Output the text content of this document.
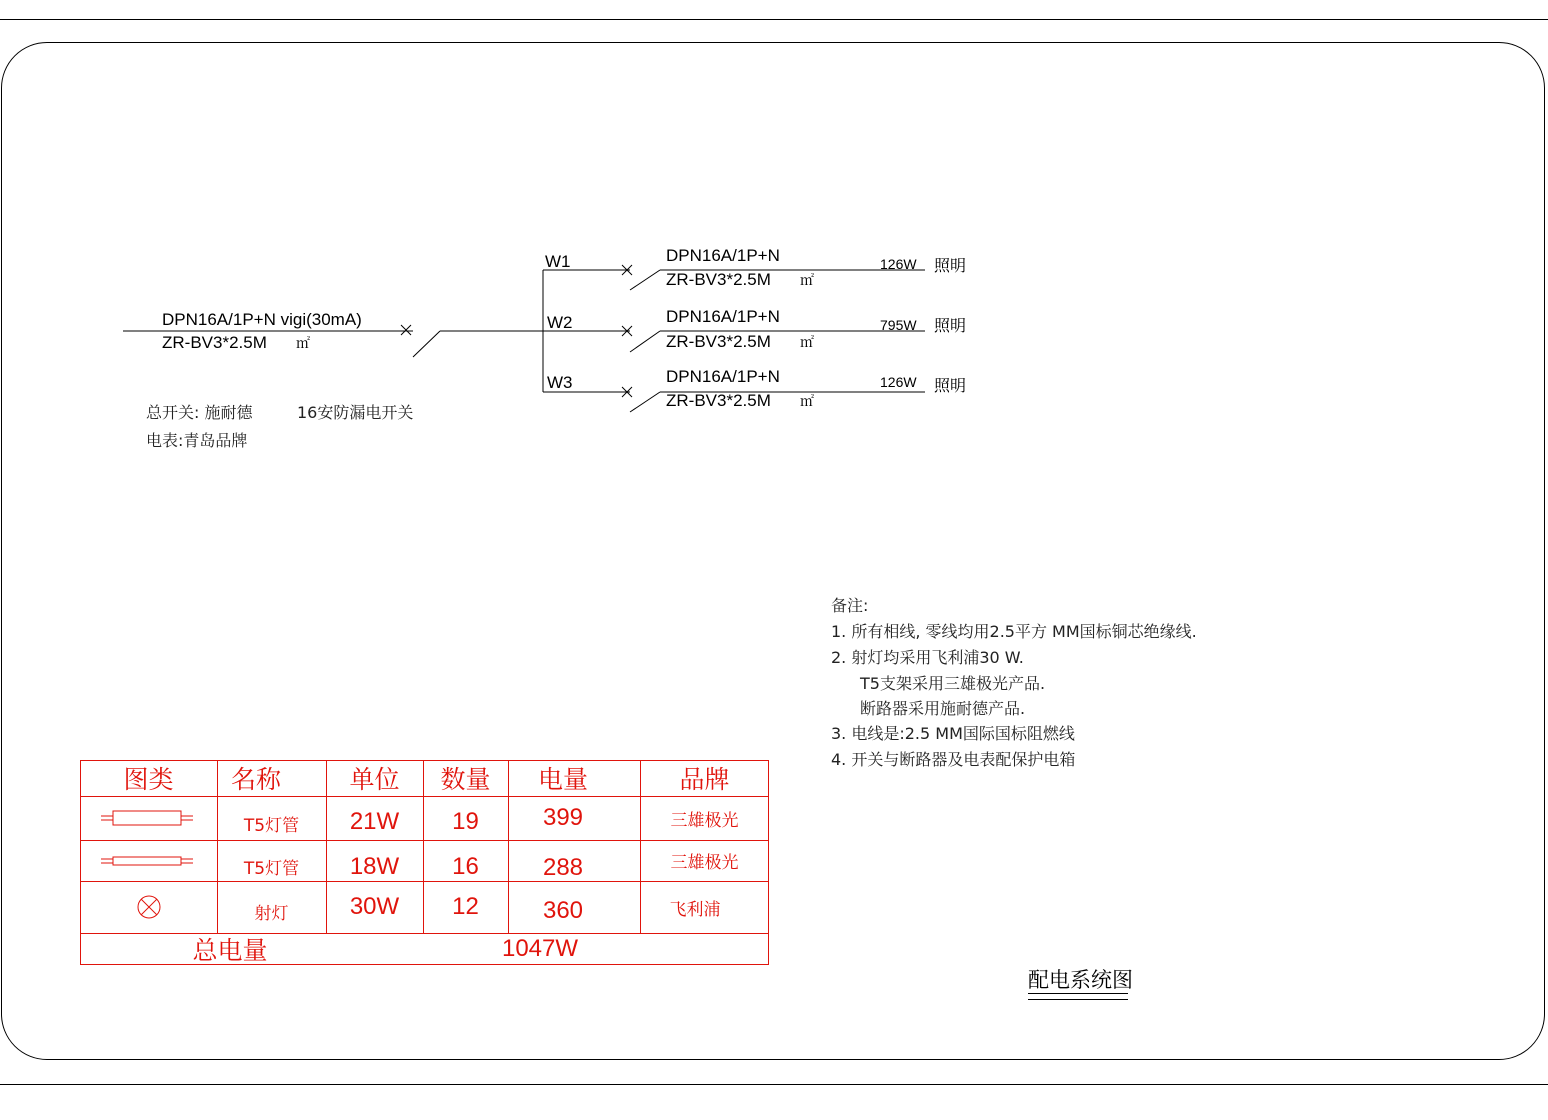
DPN16A/1P+N vigi(30mA)
ZR-BV3*2.5M ㎡
W1	DPN16A/1P+N
ZR-BV3*2.5M ㎡
126W 照明
W2	DPN16A/1P+N
ZR-BV3*2.5M ㎡
795W 照明
W3	DPN16A/1P+N
ZR-BV3*2.5M ㎡
126W 照明
总开关: 施耐德	16安防漏电开关
电表:青岛品牌
备注:
1. 所有相线, 零线均用2.5平方 MM国标铜芯绝缘线.
2. 射灯均采用飞利浦30 W.
T5支架采用三雄极光产品.
断路器采用施耐德产品.
3. 电线是:2.5 MM国际国标阻燃线
4. 开关与断路器及电表配保护电箱
图类	名称	单位	数量	电量	品牌
T5灯管	21W	19	399	三雄极光
T5灯管	18W	16	288	三雄极光
射灯	30W	12	360	飞利浦
总电量	1047W
配电系统图
